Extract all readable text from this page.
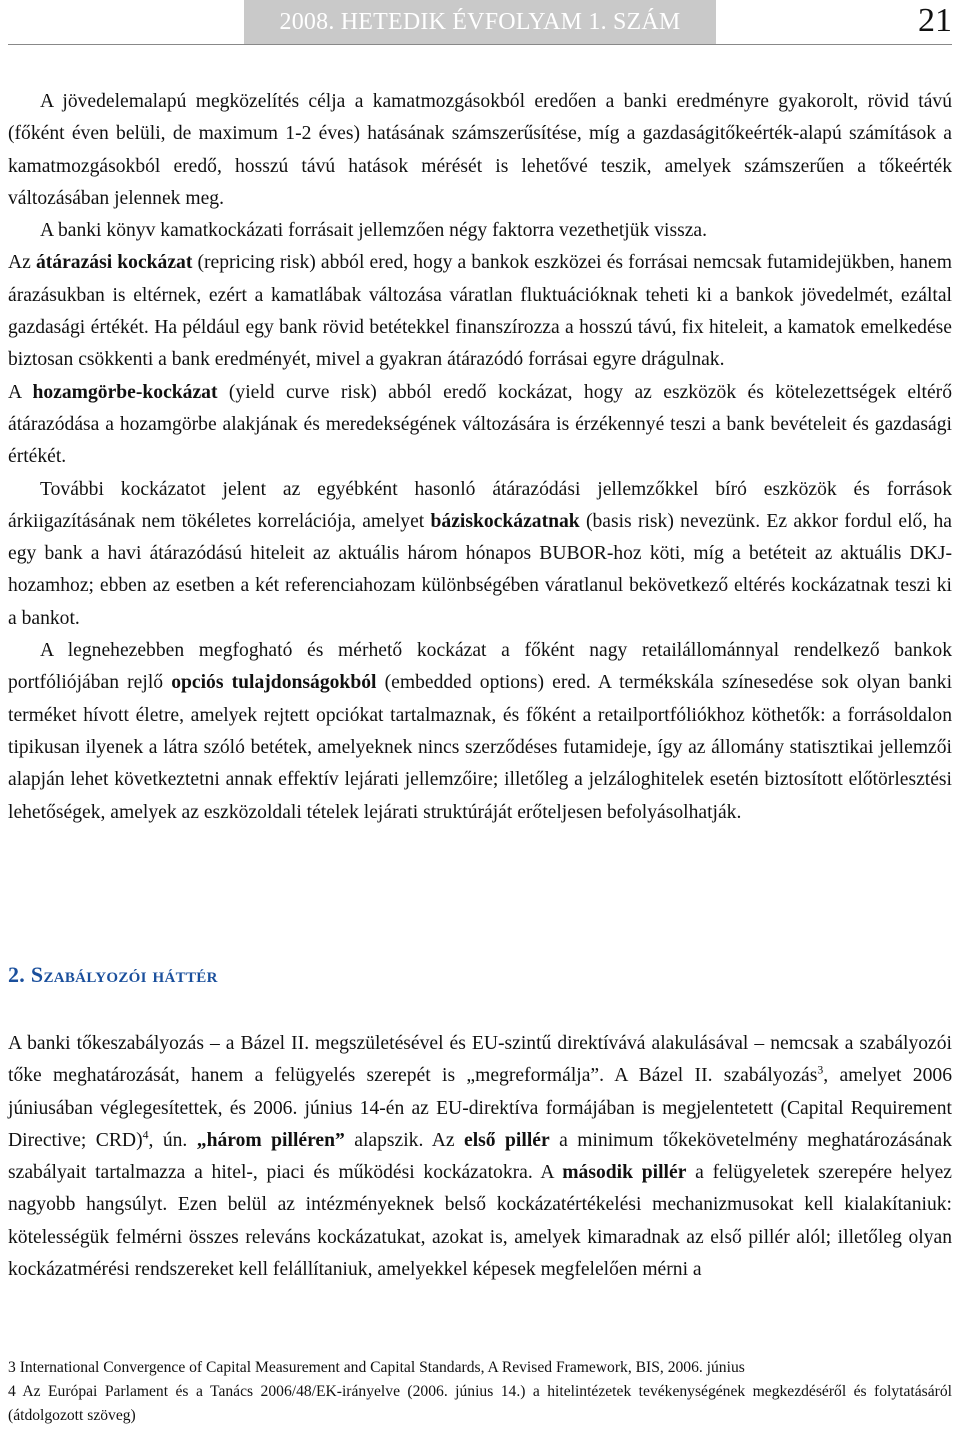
2008. HETEDIK ÉVFOLYAM 1. SZÁM	21

A jövedelemalapú megközelítés célja a kamatmozgásokból eredően a banki eredményre gyakorolt, rövid távú (főként éven belüli, de maximum 1-2 éves) hatásának számszerűsítése, míg a gazdaságitőkeérték-alapú számítások a kamatmozgásokból eredő, hosszú távú hatások mérését is lehetővé teszik, amelyek számszerűen a tőkeérték változásában jelennek meg.

A banki könyv kamatkockázati forrásait jellemzően négy faktorra vezethetjük vissza.

Az átárazási kockázat (repricing risk) abból ered, hogy a bankok eszközei és forrásai nemcsak futamidejükben, hanem árazásukban is eltérnek, ezért a kamatlábak változása váratlan fluktuációknak teheti ki a bankok jövedelmét, ezáltal gazdasági értékét. Ha például egy bank rövid betétekkel finanszírozza a hosszú távú, fix hiteleit, a kamatok emelkedése biztosan csökkenti a bank eredményét, mivel a gyakran átárazódó forrásai egyre drágulnak.

A hozamgörbe-kockázat (yield curve risk) abból eredő kockázat, hogy az eszközök és kötelezettségek eltérő átárazódása a hozamgörbe alakjának és meredekségének változására is érzékennyé teszi a bank bevételeit és gazdasági értékét.

További kockázatot jelent az egyébként hasonló átárazódási jellemzőkkel bíró eszközök és források árkiigazításának nem tökéletes korrelációja, amelyet báziskockázatnak (basis risk) nevezünk. Ez akkor fordul elő, ha egy bank a havi átárazódású hiteleit az aktuális három hónapos BUBOR-hoz köti, míg a betéteit az aktuális DKJ-hozamhoz; ebben az esetben a két referenciahozam különbségében váratlanul bekövetkező eltérés kockázatnak teszi ki a bankot.

A legnehezebben megfogható és mérhető kockázat a főként nagy retailállománnyal rendelkező bankok portfóliójában rejlő opciós tulajdonságokból (embedded options) ered. A termékskála színesedése sok olyan banki terméket hívott életre, amelyek rejtett opciókat tartalmaznak, és főként a retailportfóliókhoz köthetők: a forrásoldalon tipikusan ilyenek a látra szóló betétek, amelyeknek nincs szerződéses futamideje, így az állomány statisztikai jellemzői alapján lehet következtetni annak effektív lejárati jellemzőire; illetőleg a jelzáloghitelek esetén biztosított előtörlesztési lehetőségek, amelyek az eszközoldali tételek lejárati struktúráját erőteljesen befolyásolhatják.

2. Szabályozói háttér

A banki tőkeszabályozás – a Bázel II. megszületésével és EU-szintű direktívává alakulásával – nemcsak a szabályozói tőke meghatározását, hanem a felügyelés szerepét is „megreformálja”. A Bázel II. szabályozás$^3$, amelyet 2006 júniusában véglegesítettek, és 2006. június 14-én az EU-direktíva formájában is megjelentetett (Capital Requirement Directive; CRD)$^4$, ún. „három pilléren” alapszik. Az első pillér a minimum tőkekövetelmény meghatározásának szabályait tartalmazza a hitel-, piaci és működési kockázatokra. A második pillér a felügyeletek szerepére helyez nagyobb hangsúlyt. Ezen belül az intézményeknek belső kockázatértékelési mechanizmusokat kell kialakítaniuk: kötelességük felmérni összes releváns kockázatukat, azokat is, amelyek kimaradnak az első pillér alól; illetőleg olyan kockázatmérési rendszereket kell felállítaniuk, amelyekkel képesek megfelelően mérni a

3 International Convergence of Capital Measurement and Capital Standards, A Revised Framework, BIS, 2006. június
4 Az Európai Parlament és a Tanács 2006/48/EK-irányelve (2006. június 14.) a hitelintézetek tevékenységének megkezdéséről és folytatásáról (átdolgozott szöveg)
